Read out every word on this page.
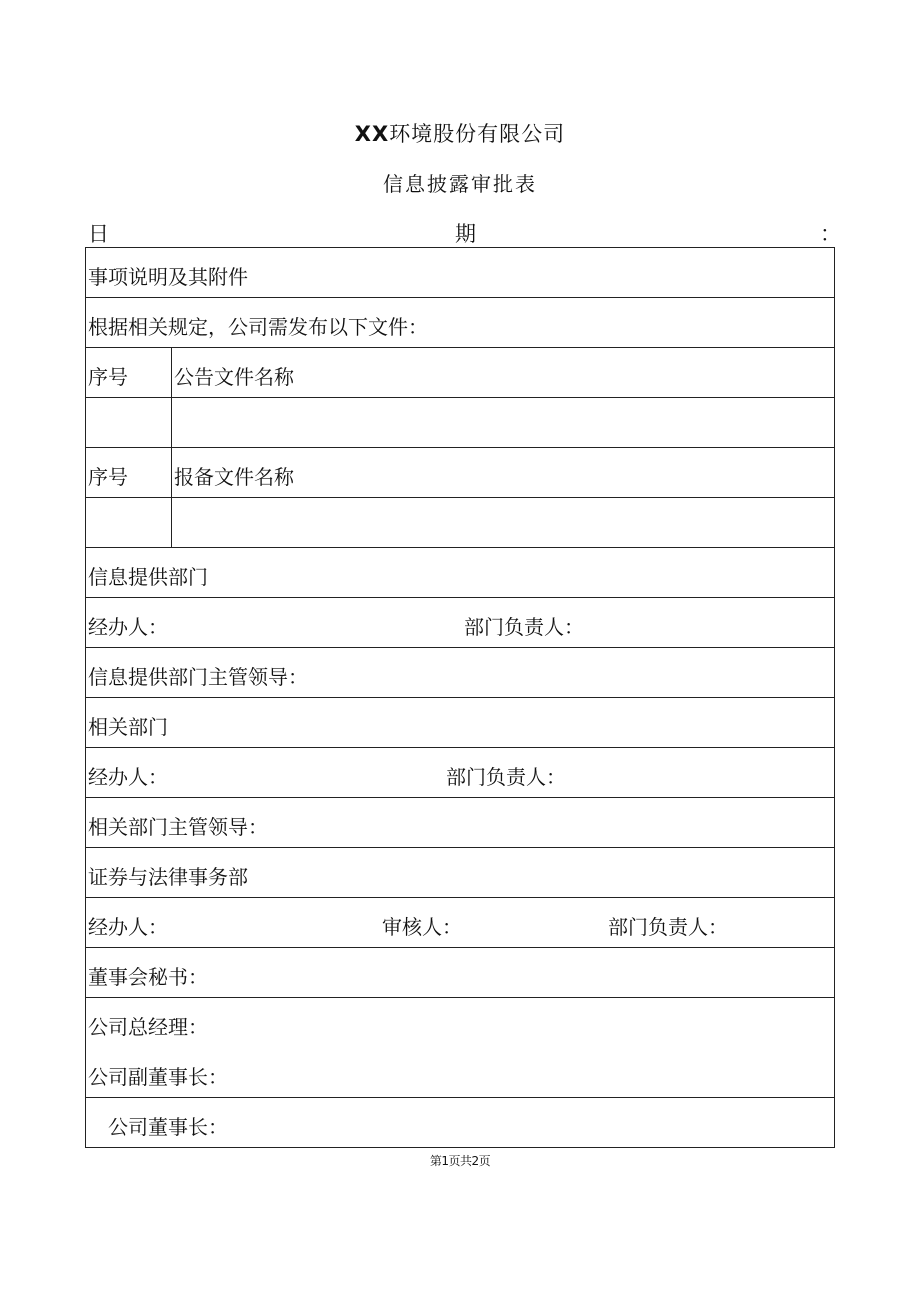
XX环境股份有限公司
信息披露审批表
日	期	：
事项说明及其附件
根据相关规定，公司需发布以下文件：
序号 公告文件名称
序号 报备文件名称
信息提供部门
经办人：	部门负责人：
信息提供部门主管领导：
相关部门
经办人：	部门负责人：
相关部门主管领导：
证券与法律事务部
经办人：	审核人：	部门负责人：
董事会秘书：
公司总经理：
公司副董事长：
公司董事长：
第1页共2页
